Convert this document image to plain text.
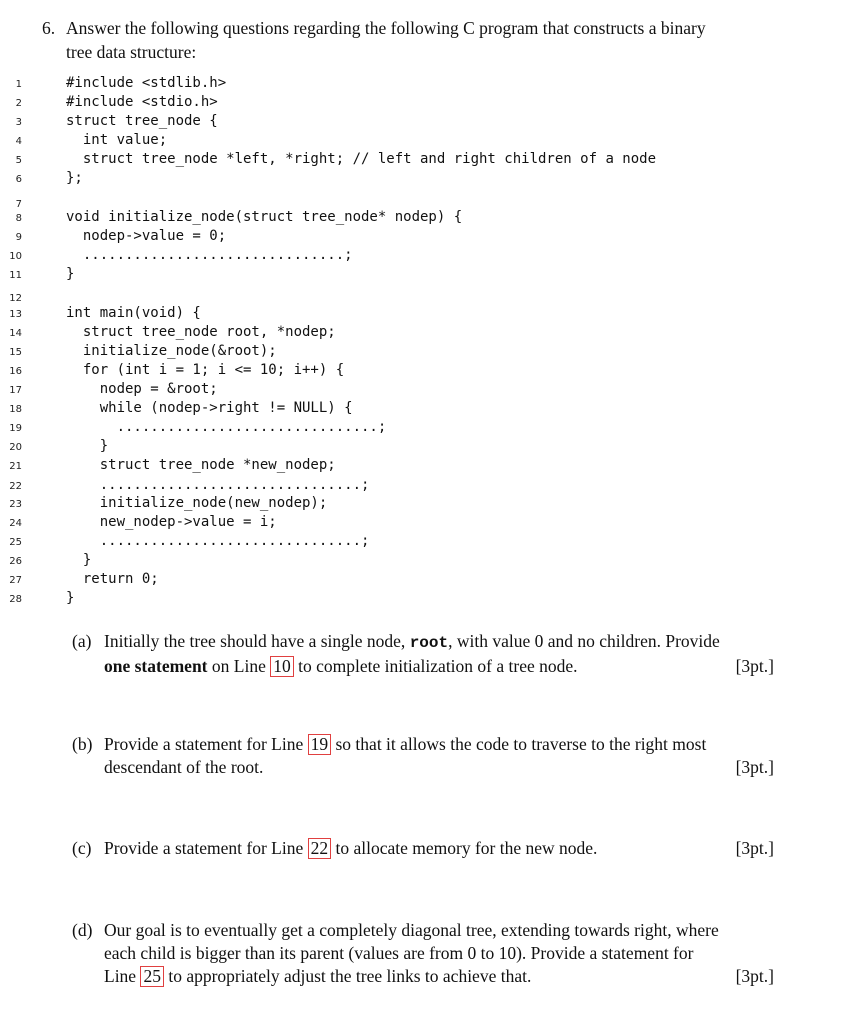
6. Answer the following questions regarding the following C program that constructs a binary
tree data structure:
1	#include <stdlib.h>
2	#include <stdio.h>
3	struct tree_node {
4	int value;
5	struct tree_node *left, *right; // left and right children of a node
6	};
7
8	void initialize_node(struct tree_node* nodep) {
9	nodep->value = 0;
10	...............................;
11	}
12
13	int main(void) {
14	struct tree_node root, *nodep;
15	initialize_node(&root);
16	for (int i = 1; i <= 10; i++) {
17	nodep = &root;
18	while (nodep->right != NULL) {
19	...............................;
20	}
21	struct tree_node *new_nodep;
22	...............................;
23	initialize_node(new_nodep);
24	new_nodep->value = i;
25	...............................;
26	}
27	return 0;
28	}
(a) Initially the tree should have a single node, root, with value 0 and no children. Provide
one statement on Line 10 to complete initialization of a tree node.	[3pt.]
(b) Provide a statement for Line 19 so that it allows the code to traverse to the right most
descendant of the root.	[3pt.]
(c) Provide a statement for Line 22 to allocate memory for the new node.	[3pt.]
(d) Our goal is to eventually get a completely diagonal tree, extending towards right, where
each child is bigger than its parent (values are from 0 to 10). Provide a statement for
Line 25 to appropriately adjust the tree links to achieve that.	[3pt.]
